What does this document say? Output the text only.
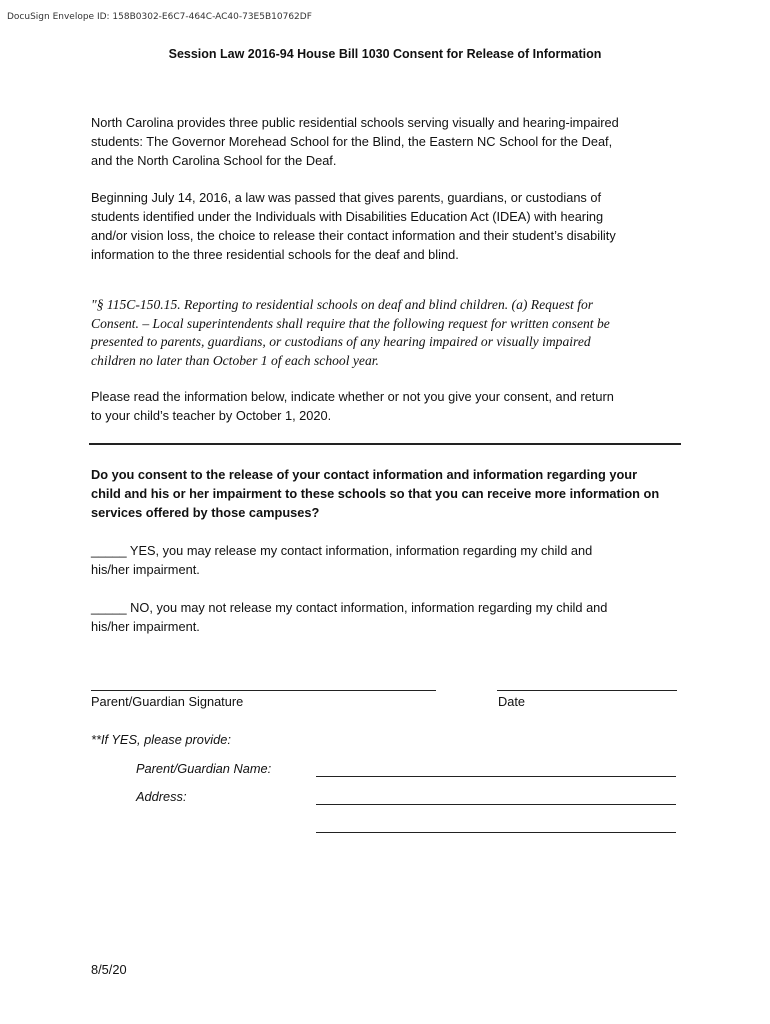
DocuSign Envelope ID: 158B0302-E6C7-464C-AC40-73E5B10762DF
Session Law 2016-94 House Bill 1030 Consent for Release of Information
North Carolina provides three public residential schools serving visually and hearing-impaired
students: The Governor Morehead School for the Blind, the Eastern NC School for the Deaf,
and the North Carolina School for the Deaf.
Beginning July 14, 2016, a law was passed that gives parents, guardians, or custodians of
students identified under the Individuals with Disabilities Education Act (IDEA) with hearing
and/or vision loss, the choice to release their contact information and their student’s disability
information to the three residential schools for the deaf and blind.
"§ 115C-150.15. Reporting to residential schools on deaf and blind children. (a) Request for
Consent. – Local superintendents shall require that the following request for written consent be
presented to parents, guardians, or custodians of any hearing impaired or visually impaired
children no later than October 1 of each school year.
Please read the information below, indicate whether or not you give your consent, and return
to your child’s teacher by October 1, 2020.
Do you consent to the release of your contact information and information regarding your
child and his or her impairment to these schools so that you can receive more information on
services offered by those campuses?
_____ YES, you may release my contact information, information regarding my child and
his/her impairment.
_____ NO, you may not release my contact information, information regarding my child and
his/her impairment.
Parent/Guardian Signature	Date
**If YES, please provide:
Parent/Guardian Name:
Address:
8/5/20
